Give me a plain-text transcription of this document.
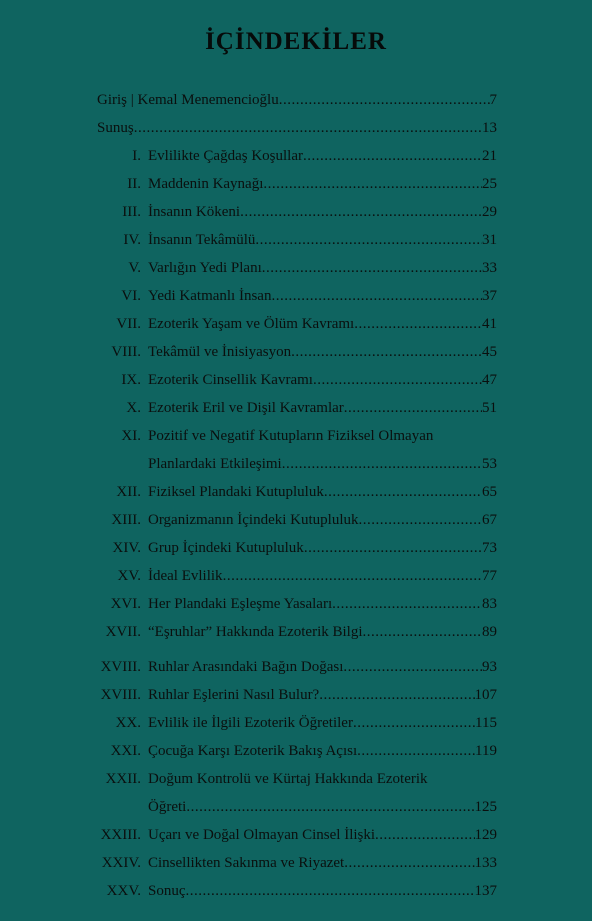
İÇİNDEKİLER
Giriş | Kemal Menemencioğlu .....	7
Sunuş .....	13
I. Evlilikte Çağdaş Koşullar .....	21
II. Maddenin Kaynağı .....	25
III. İnsanın Kökeni .....	29
IV. İnsanın Tekâmülü .....	31
V. Varlığın Yedi Planı .....	33
VI. Yedi Katmanlı İnsan .....	37
VII. Ezoterik Yaşam ve Ölüm Kavramı .....	41
VIII. Tekâmül ve İnisiyasyon .....	45
IX. Ezoterik Cinsellik Kavramı .....	47
X. Ezoterik Eril ve Dişil Kavramlar .....	51
XI. Pozitif ve Negatif Kutupların Fiziksel Olmayan
Planlardaki Etkileşimi .....	53
XII. Fiziksel Plandaki Kutupluluk .....	65
XIII. Organizmanın İçindeki Kutupluluk .....	67
XIV. Grup İçindeki Kutupluluk .....	73
XV. İdeal Evlilik .....	77
XVI. Her Plandaki Eşleşme Yasaları .....	83
XVII. “Eşruhlar” Hakkında Ezoterik Bilgi .....	89
XVIII. Ruhlar Arasındaki Bağın Doğası .....	93
XVIII. Ruhlar Eşlerini Nasıl Bulur? .....	107
XX. Evlilik ile İlgili Ezoterik Öğretiler .....	115
XXI. Çocuğa Karşı Ezoterik Bakış Açısı .....	119
XXII. Doğum Kontrolü ve Kürtaj Hakkında Ezoterik
Öğreti .....	125
XXIII. Uçarı ve Doğal Olmayan Cinsel İlişki .....	129
XXIV. Cinsellikten Sakınma ve Riyazet .....	133
XXV. Sonuç .....	137
